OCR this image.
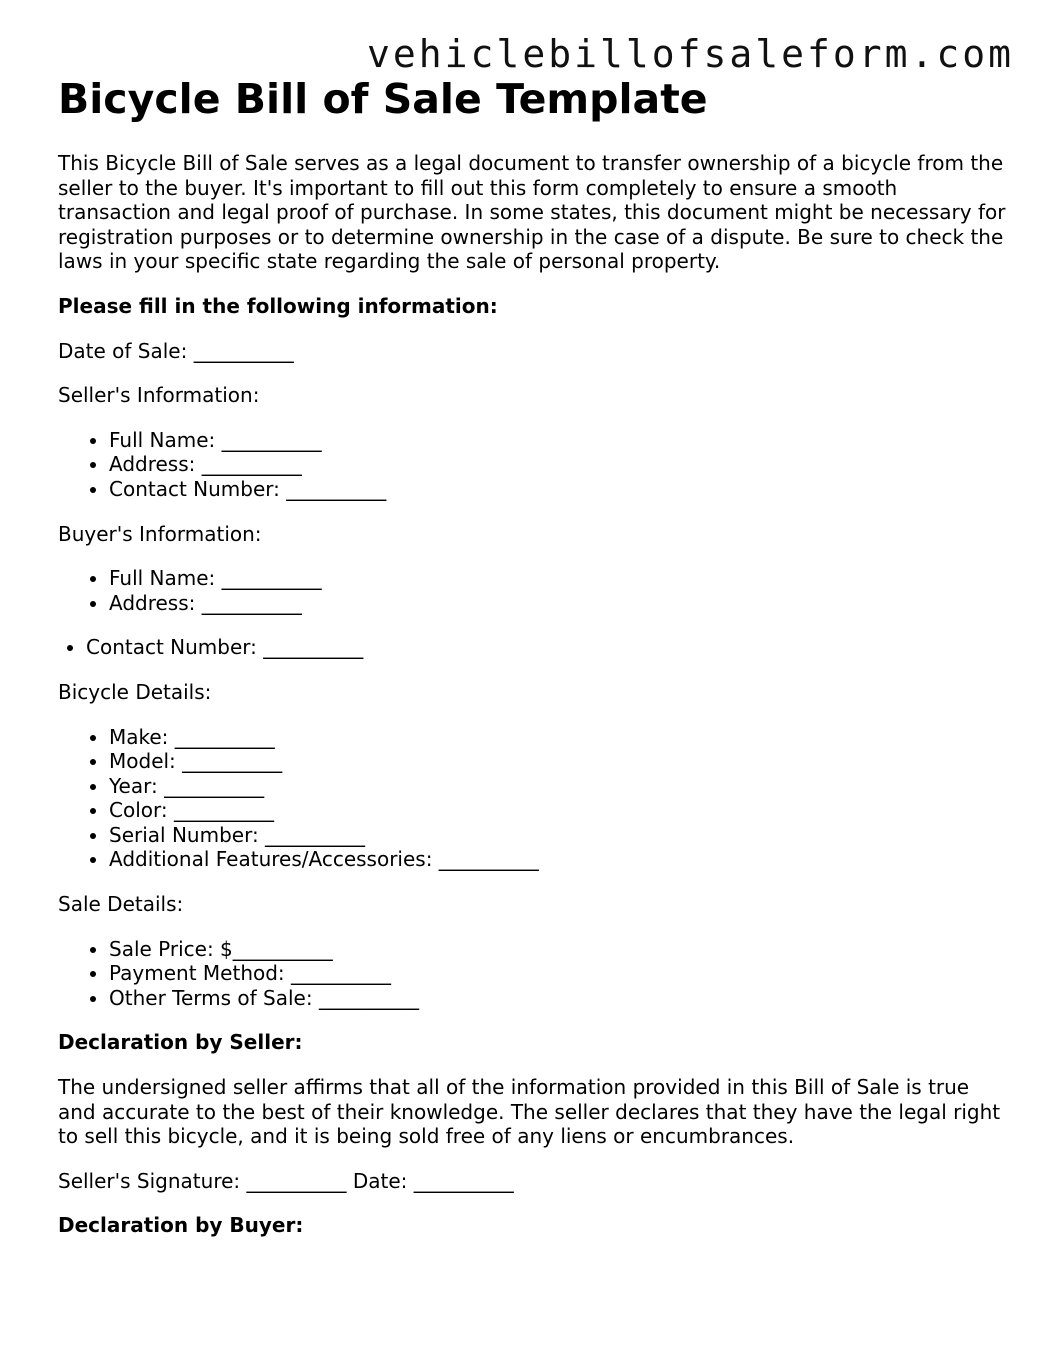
vehiclebillofsaleform.com
Bicycle Bill of Sale Template

This Bicycle Bill of Sale serves as a legal document to transfer ownership of a bicycle from the seller to the buyer. It's important to fill out this form completely to ensure a smooth transaction and legal proof of purchase. In some states, this document might be necessary for registration purposes or to determine ownership in the case of a dispute. Be sure to check the laws in your specific state regarding the sale of personal property.

Please fill in the following information:

Date of Sale: __________

Seller's Information:

• Full Name: __________
• Address: __________
• Contact Number: __________

Buyer's Information:

• Full Name: __________
• Address: __________
• Contact Number: __________

Bicycle Details:

• Make: __________
• Model: __________
• Year: __________
• Color: __________
• Serial Number: __________
• Additional Features/Accessories: __________

Sale Details:

• Sale Price: $__________
• Payment Method: __________
• Other Terms of Sale: __________

Declaration by Seller:

The undersigned seller affirms that all of the information provided in this Bill of Sale is true and accurate to the best of their knowledge. The seller declares that they have the legal right to sell this bicycle, and it is being sold free of any liens or encumbrances.

Seller's Signature: __________ Date: __________

Declaration by Buyer:
